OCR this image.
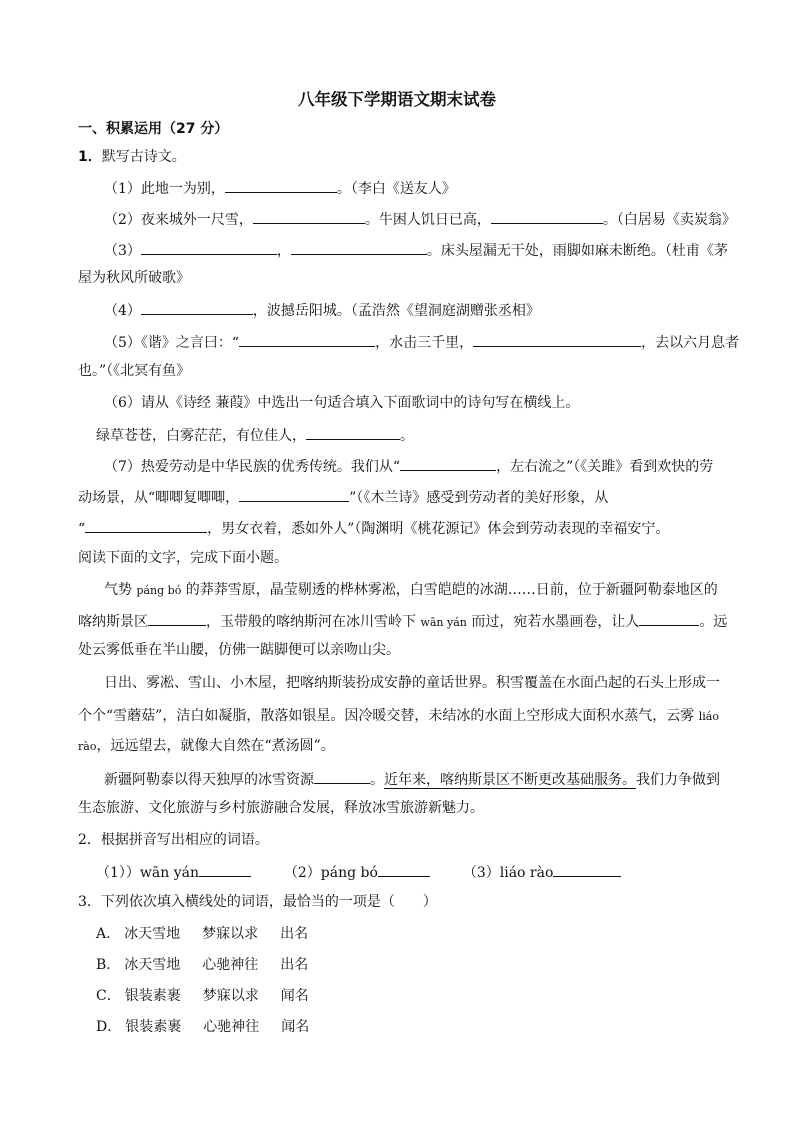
八年级下学期语文期末试卷
一、积累运用（27 分）
1．默写古诗文。
（1）此地一为别，	。（李白《送友人》
（2）夜来城外一尺雪，	。牛困人饥日已高，	。（白居易《卖炭翁》
（3）	，	。床头屋漏无干处，雨脚如麻未断绝。（杜甫《茅
屋为秋风所破歌》
（4）	，波撼岳阳城。（孟浩然《望洞庭湖赠张丞相》
（5）《谐》之言曰：“	，水击三千里，	，去以六月息者
也。”（《北冥有鱼》
（6）请从《诗经 蒹葭》中选出一句适合填入下面歌词中的诗句写在横线上。
绿草苍苍，白雾茫茫，有位佳人，	。
（7）热爱劳动是中华民族的优秀传统。我们从“	，左右流之”（《关雎》看到欢快的劳
动场景，从“唧唧复唧唧，	”（《木兰诗》感受到劳动者的美好形象，从
“	，男女衣着，悉如外人”（陶渊明《桃花源记》体会到劳动表现的幸福安宁。
阅读下面的文字，完成下面小题。
气势 páng bó 的莽莽雪原，晶莹剔透的桦林雾凇，白雪皑皑的冰湖……日前，位于新疆阿勒泰地区的
喀纳斯景区	，玉带般的喀纳斯河在冰川雪岭下 wān yán 而过，宛若水墨画卷，让人	。远
处云雾低垂在半山腰，仿佛一踮脚便可以亲吻山尖。
日出、雾凇、雪山、小木屋，把喀纳斯装扮成安静的童话世界。积雪覆盖在水面凸起的石头上形成一
个个“雪蘑菇”，洁白如凝脂，散落如银星。因冷暖交替，未结冰的水面上空形成大面积水蒸气，云雾 liáo
rào，远远望去，就像大自然在“煮汤圆”。
新疆阿勒泰以得天独厚的冰雪资源	。近年来，喀纳斯景区不断更改基础服务。我们力争做到
生态旅游、文化旅游与乡村旅游融合发展，释放冰雪旅游新魅力。
2．根据拼音写出相应的词语。
（1））wān yán	（2）páng bó	（3）liáo rào
3．下列依次填入横线处的词语，最恰当的一项是（　　）
A． 冰天雪地 梦寐以求 出名
B． 冰天雪地 心驰神往 出名
C． 银装素裹 梦寐以求 闻名
D． 银装素裹 心驰神往 闻名
